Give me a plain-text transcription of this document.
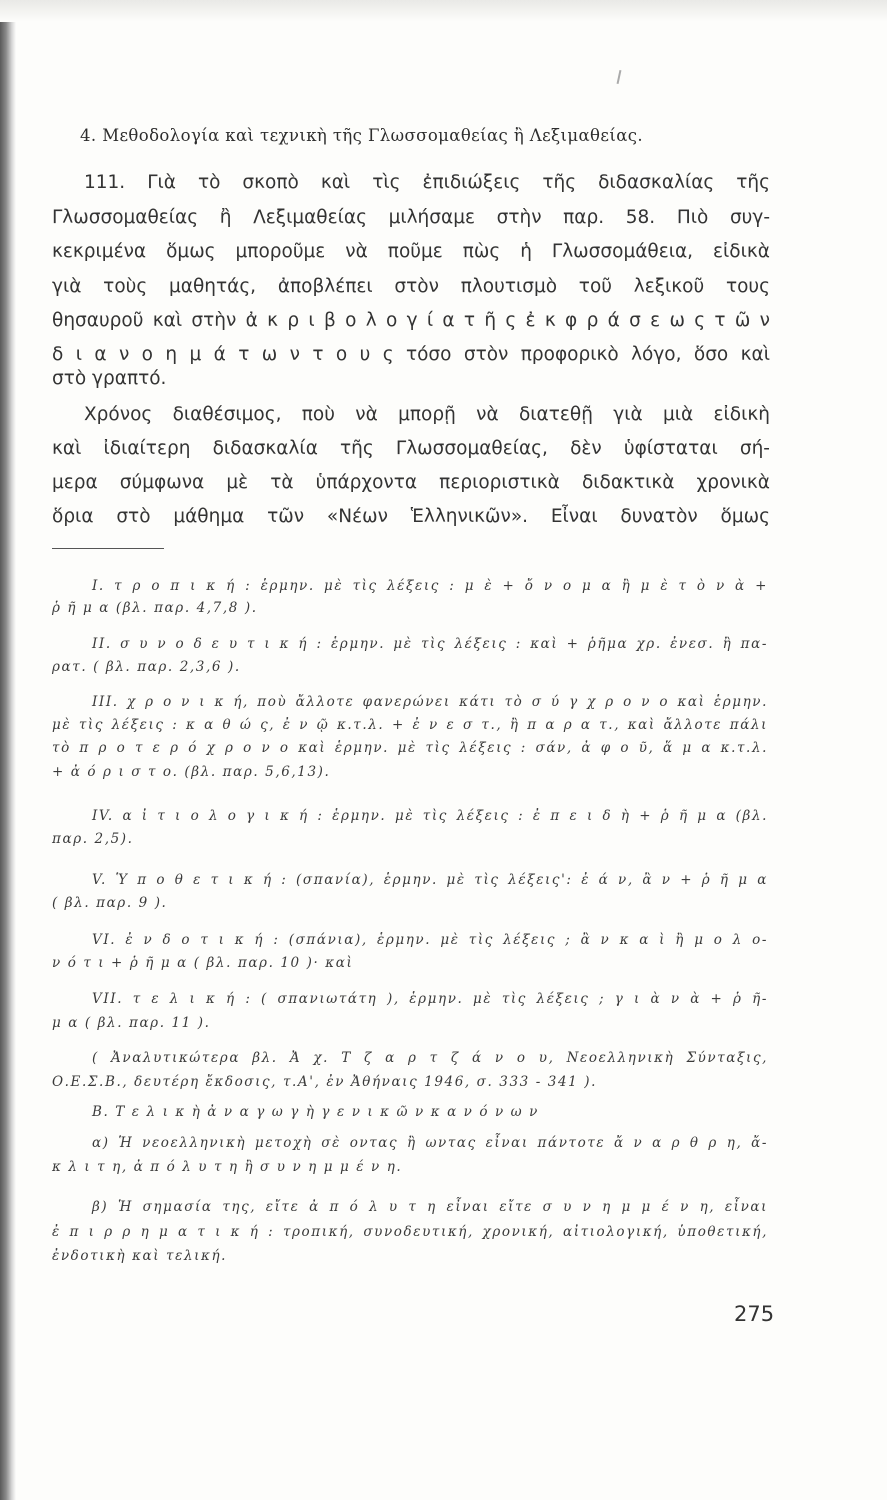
4. Μεθοδολογία καὶ τεχνικὴ τῆς Γλωσσομαθείας ἢ Λεξιμαθείας.
111. Γιὰ τὸ σκοπὸ καὶ τὶς ἐπιδιώξεις τῆς διδασκαλίας τῆς
Γλωσσομαθείας ἢ Λεξιμαθείας μιλήσαμε στὴν παρ. 58. Πιὸ συγ-
κεκριμένα ὅμως μποροῦμε νὰ ποῦμε πὼς ἡ Γλωσσομάθεια, εἰδικὰ
γιὰ τοὺς μαθητάς, ἀποβλέπει στὸν πλουτισμὸ τοῦ λεξικοῦ τους
θησαυροῦ καὶ στὴν ἀ κ ρ ι β ο λ ο γ ί α τ ῆ ς ἐ κ φ ρ ά σ ε ω ς τ ῶ ν
δ ι α ν ο η μ ά τ ω ν τ ο υ ς τόσο στὸν προφορικὸ λόγο, ὅσο καὶ
στὸ γραπτό.
Χρόνος διαθέσιμος, ποὺ νὰ μπορῇ νὰ διατεθῇ γιὰ μιὰ εἰδικὴ
καὶ ἰδιαίτερη διδασκαλία τῆς Γλωσσομαθείας, δὲν ὑφίσταται σή-
μερα σύμφωνα μὲ τὰ ὑπάρχοντα περιοριστικὰ διδακτικὰ χρονικὰ
ὅρια στὸ μάθημα τῶν «Νέων Ἑλληνικῶν». Εἶναι δυνατὸν ὅμως
Ι. τ ρ ο π ι κ ή : ἑρμην. μὲ τὶς λέξεις : μ ὲ + ὄ ν ο μ α ἢ μ ὲ τ ὸ ν ὰ +
ῥ ῆ μ α (βλ. παρ. 4,7,8 ).
ΙΙ. σ υ ν ο δ ε υ τ ι κ ή : ἑρμην. μὲ τὶς λέξεις : καὶ + ῥῆμα χρ. ἐνεσ. ἢ πα-
ρατ. ( βλ. παρ. 2,3,6 ).
ΙΙΙ. χ ρ ο ν ι κ ή, ποὺ ἄλλοτε φανερώνει κάτι τὸ σ ύ γ χ ρ ο ν ο καὶ ἑρμην.
μὲ τὶς λέξεις : κ α θ ώ ς, ἐ ν ῷ κ.τ.λ. + ἐ ν ε σ τ., ἢ π α ρ α τ., καὶ ἄλλοτε πάλι
τὸ π ρ ο τ ε ρ ό χ ρ ο ν ο καὶ ἑρμην. μὲ τὶς λέξεις : σάν, ἀ φ ο ῦ, ἅ μ α κ.τ.λ.
+ ἀ ό ρ ι σ τ ο. (βλ. παρ. 5,6,13).
IV. α ἰ τ ι ο λ ο γ ι κ ή : ἑρμην. μὲ τὶς λέξεις : ἐ π ε ι δ ὴ + ῥ ῆ μ α (βλ.
παρ. 2,5).
V. Ὑ π ο θ ε τ ι κ ή : (σπανία), ἑρμην. μὲ τὶς λέξεις': ἐ ά ν, ἂ ν + ῥ ῆ μ α
( βλ. παρ. 9 ).
VI. ἐ ν δ ο τ ι κ ή : (σπάνια), ἑρμην. μὲ τὶς λέξεις ; ἂ ν κ α ὶ ἢ μ ο λ ο-
ν ό τ ι + ῥ ῆ μ α ( βλ. παρ. 10 )· καὶ
VII. τ ε λ ι κ ή : ( σπανιωτάτη ), ἑρμην. μὲ τὶς λέξεις ; γ ι ὰ ν ὰ + ῥ ῆ-
μ α ( βλ. παρ. 11 ).
( Ἀναλυτικώτερα βλ. Ἀ χ. Τ ζ α ρ τ ζ ά ν ο υ, Νεοελληνικὴ Σύνταξις,
Ο.Ε.Σ.Β., δευτέρη ἔκδοσις, τ.Α', ἐν Ἀθήναις 1946, σ. 333 - 341 ).
Β. Τ ε λ ι κ ὴ ἀ ν α γ ω γ ὴ γ ε ν ι κ ῶ ν κ α ν ό ν ω ν
α) Ἡ νεοελληνικὴ μετοχὴ σὲ οντας ἢ ωντας εἶναι πάντοτε ἄ ν α ρ θ ρ η, ἄ-
κ λ ι τ η, ἀ π ό λ υ τ η ἢ σ υ ν η μ μ έ ν η.
β) Ἡ σημασία της, εἴτε ἀ π ό λ υ τ η εἶναι εἴτε σ υ ν η μ μ έ ν η, εἶναι
ἐ π ι ρ ρ η μ α τ ι κ ή : τροπική, συνοδευτική, χρονική, αἰτιολογική, ὑποθετική,
ἐνδοτικὴ καὶ τελική.
275
